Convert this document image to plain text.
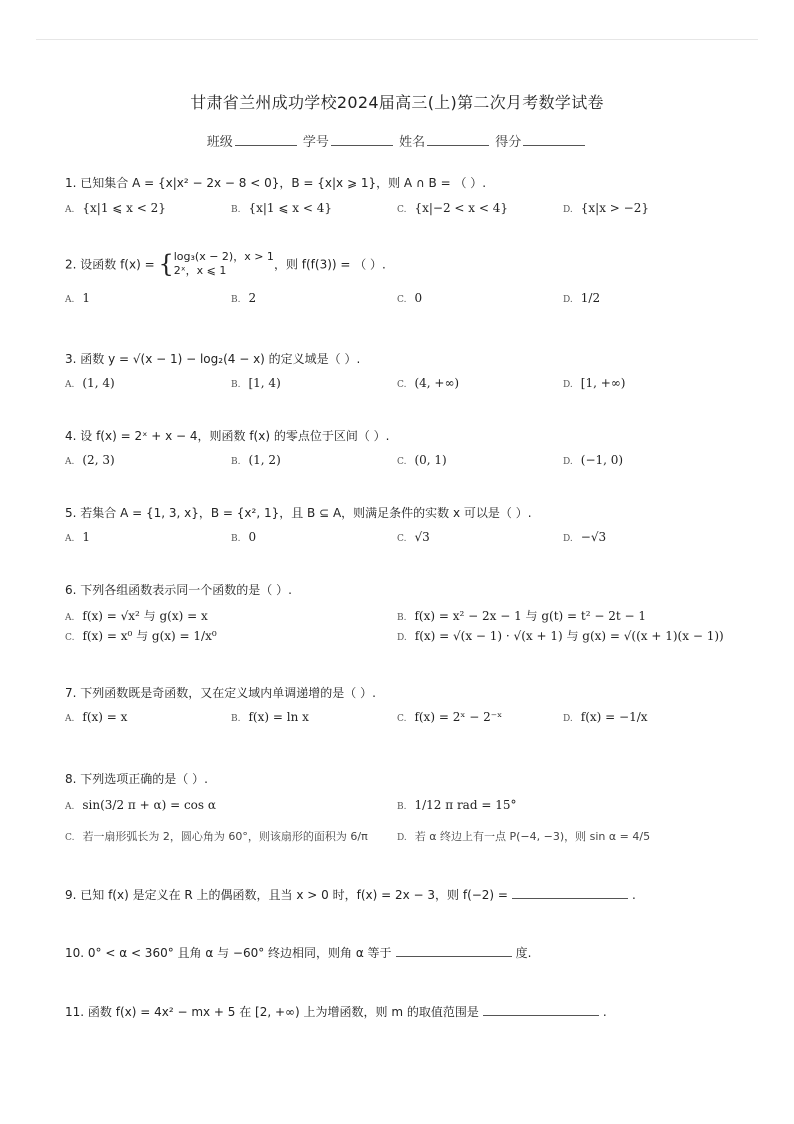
甘肃省兰州成功学校2024届高三(上)第二次月考数学试卷
班级	学号	姓名	得分
1. 已知集合 A = {x|x² − 2x − 8 < 0}，B = {x|x ⩾ 1}，则 A ∩ B = （ ）.
A. {x|1 ⩽ x < 2}	B. {x|1 ⩽ x < 4}	C. {x|−2 < x < 4}	D. {x|x > −2}
2. 设函数 f(x) = { log₃(x − 2)，x > 1
2ˣ，x ⩽ 1	，则 f(f(3)) = （ ）.
A. 1	B. 2	C. 0	D. 1/2
3. 函数 y = √(x − 1) − log₂(4 − x) 的定义域是（ ）.
A. (1, 4)	B. [1, 4)	C. (4, +∞)	D. [1, +∞)
4. 设 f(x) = 2ˣ + x − 4，则函数 f(x) 的零点位于区间（ ）.
A. (2, 3)	B. (1, 2)	C. (0, 1)	D. (−1, 0)
5. 若集合 A = {1, 3, x}，B = {x², 1}，且 B ⊆ A，则满足条件的实数 x 可以是（ ）.
A. 1	B. 0	C. √3	D. −√3
6. 下列各组函数表示同一个函数的是（ ）.
A. f(x) = √x² 与 g(x) = x	B. f(x) = x² − 2x − 1 与 g(t) = t² − 2t − 1
C. f(x) = x⁰ 与 g(x) = 1/x⁰	D. f(x) = √(x − 1) · √(x + 1) 与 g(x) = √((x + 1)(x − 1))
7. 下列函数既是奇函数，又在定义域内单调递增的是（ ）.
A. f(x) = x	B. f(x) = ln x	C. f(x) = 2ˣ − 2⁻ˣ	D. f(x) = −1/x
8. 下列选项正确的是（ ）.
A. sin(3/2 π + α) = cos α	B. 1/12 π rad = 15°
C. 若一扇形弧长为 2，圆心角为 60°，则该扇形的面积为 6/π	D. 若 α 终边上有一点 P(−4, −3)，则 sin α = 4/5
9. 已知 f(x) 是定义在 R 上的偶函数，且当 x > 0 时，f(x) = 2x − 3，则 f(−2) =	.
10. 0° < α < 360° 且角 α 与 −60° 终边相同，则角 α 等于	度.
11. 函数 f(x) = 4x² − mx + 5 在 [2, +∞) 上为增函数，则 m 的取值范围是	.
